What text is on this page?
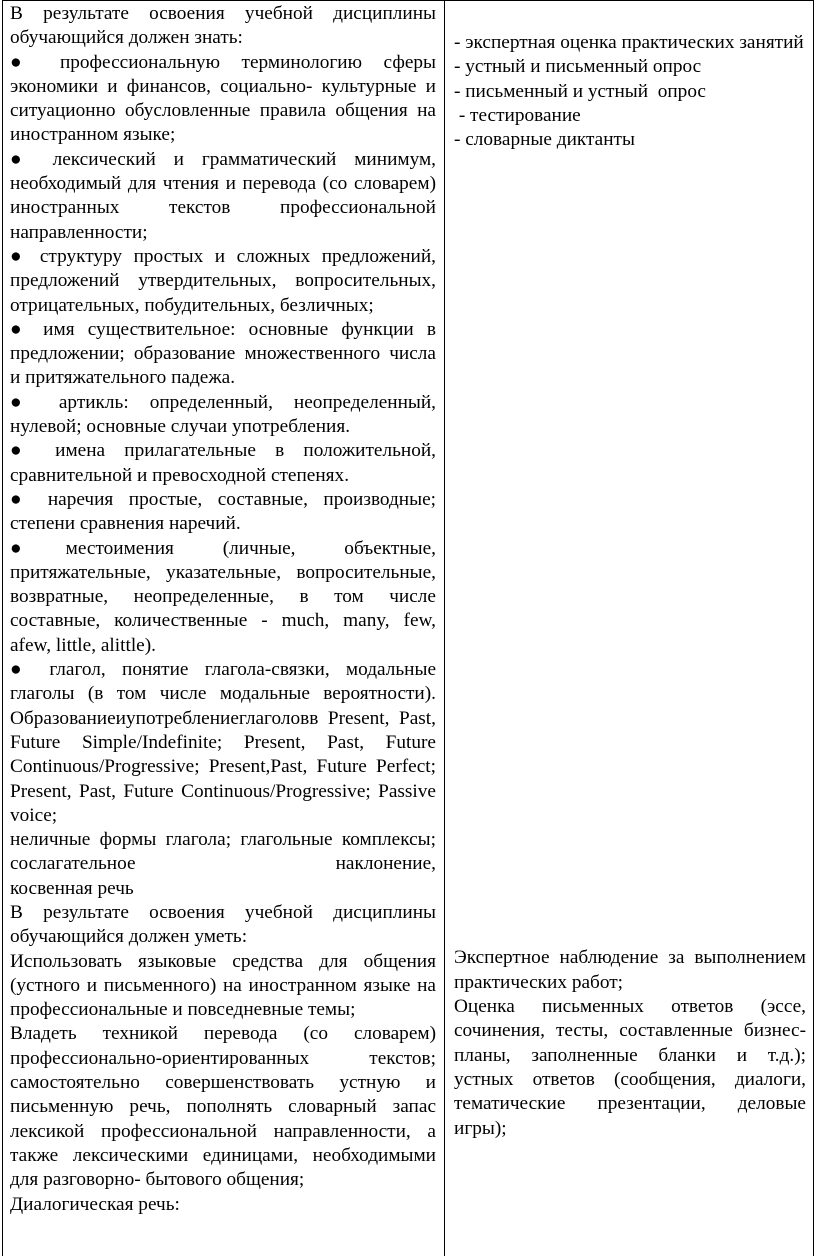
В результате освоения учебной дисциплины обучающийся должен знать:

● профессиональную терминологию сферы экономики и финансов, социально- культурные и ситуационно обусловленные правила общения на иностранном языке;

● лексический и грамматический минимум, необходимый для чтения и перевода (со словарем) иностранных текстов профессиональной направленности;

● структуру простых и сложных предложений, предложений утвердительных, вопросительных, отрицательных, побудительных, безличных;

● имя существительное: основные функции в предложении; образование множественного числа и притяжательного падежа.

● артикль: определенный, неопределенный, нулевой; основные случаи употребления.

● имена прилагательные в положительной, сравнительной и превосходной степенях.

● наречия простые, составные, производные; степени сравнения наречий.

●местоимения (личные, объектные, притяжательные, указательные, вопросительные, возвратные, неопределенные, в том числе составные, количественные - much, many, few, afew, little, alittle).

● глагол, понятие глагола-связки, модальные глаголы (в том числе модальные вероятности). Образованиеиупотреблениеглаголовв Present, Past, Future Simple/Indefinite; Present, Past, Future Continuous/Progressive; Present,Past, Future Perfect; Present, Past, Future Continuous/Progressive; Passive voice;

неличные формы глагола; глагольные комплексы; сослагательное наклонение,

косвенная речь

В результате освоения учебной дисциплины обучающийся должен уметь:

Использовать языковые средства для общения (устного и письменного) на иностранном языке на профессиональные и повседневные темы;

Владеть техникой перевода (со словарем) профессионально-ориентированных текстов; самостоятельно совершенствовать устную и письменную речь, пополнять словарный запас лексикой профессиональной направленности, а также лексическими единицами, необходимыми для разговорно- бытового общения;

Диалогическая речь:

- экспертная оценка практических занятий

- устный и письменный опрос

- письменный и устный  опрос

- тестирование

- словарные диктанты

Экспертное наблюдение за выполнением практических работ;

Оценка письменных ответов (эссе, сочинения, тесты, составленные бизнес-планы, заполненные бланки и т.д.); устных ответов (сообщения, диалоги, тематические презентации, деловые игры);
